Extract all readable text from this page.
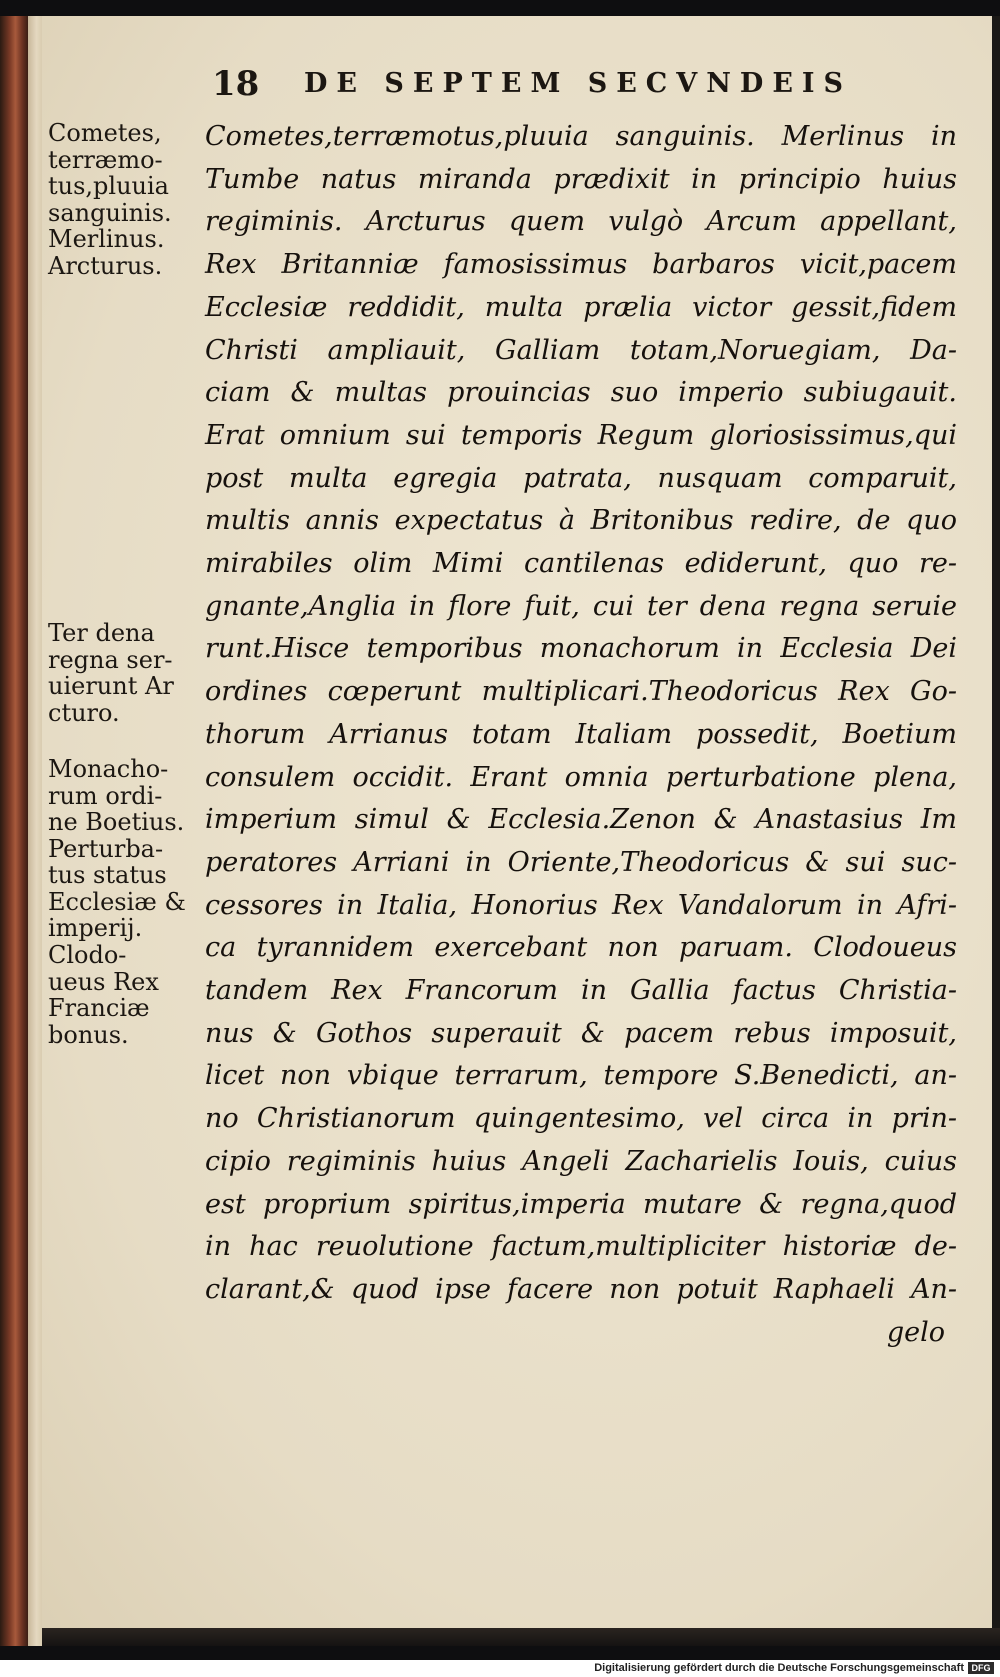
18 DE SEPTEM SECVNDEIS
Cometes,
terræmo-
tus,pluuia
sanguinis.
Merlinus.
Arcturus.
Ter dena
regna ser-
uierunt Ar
cturo.
Monacho-
rum ordi-
ne Boetius.
Perturba-
tus status
Ecclesiæ &
imperij.
Clodo-
ueus Rex
Franciæ
bonus.
Cometes,terræmotus,pluuia sanguinis. Merlinus in
Tumbe natus miranda prædixit in principio huius
regiminis. Arcturus quem vulgò Arcum appellant,
Rex Britanniæ famosissimus barbaros vicit,pacem
Ecclesiæ reddidit, multa prælia victor gessit,fidem
Christi ampliauit, Galliam totam,Noruegiam, Da-
ciam & multas prouincias suo imperio subiugauit.
Erat omnium sui temporis Regum gloriosissimus,qui
post multa egregia patrata, nusquam comparuit,
multis annis expectatus à Britonibus redire, de quo
mirabiles olim Mimi cantilenas ediderunt, quo re-
gnante,Anglia in flore fuit, cui ter dena regna seruie
runt.Hisce temporibus monachorum in Ecclesia Dei
ordines cœperunt multiplicari.Theodoricus Rex Go-
thorum Arrianus totam Italiam possedit, Boetium
consulem occidit. Erant omnia perturbatione plena,
imperium simul & Ecclesia.Zenon & Anastasius Im
peratores Arriani in Oriente,Theodoricus & sui suc-
cessores in Italia, Honorius Rex Vandalorum in Afri-
ca tyrannidem exercebant non paruam. Clodoueus
tandem Rex Francorum in Gallia factus Christia-
nus & Gothos superauit & pacem rebus imposuit,
licet non vbique terrarum, tempore S.Benedicti, an-
no Christianorum quingentesimo, vel circa in prin-
cipio regiminis huius Angeli Zacharielis Iouis, cuius
est proprium spiritus,imperia mutare & regna,quod
in hac reuolutione factum,multipliciter historiæ de-
clarant,& quod ipse facere non potuit Raphaeli An-
gelo
Digitalisierung gefördert durch die Deutsche Forschungsgemeinschaft DFG
